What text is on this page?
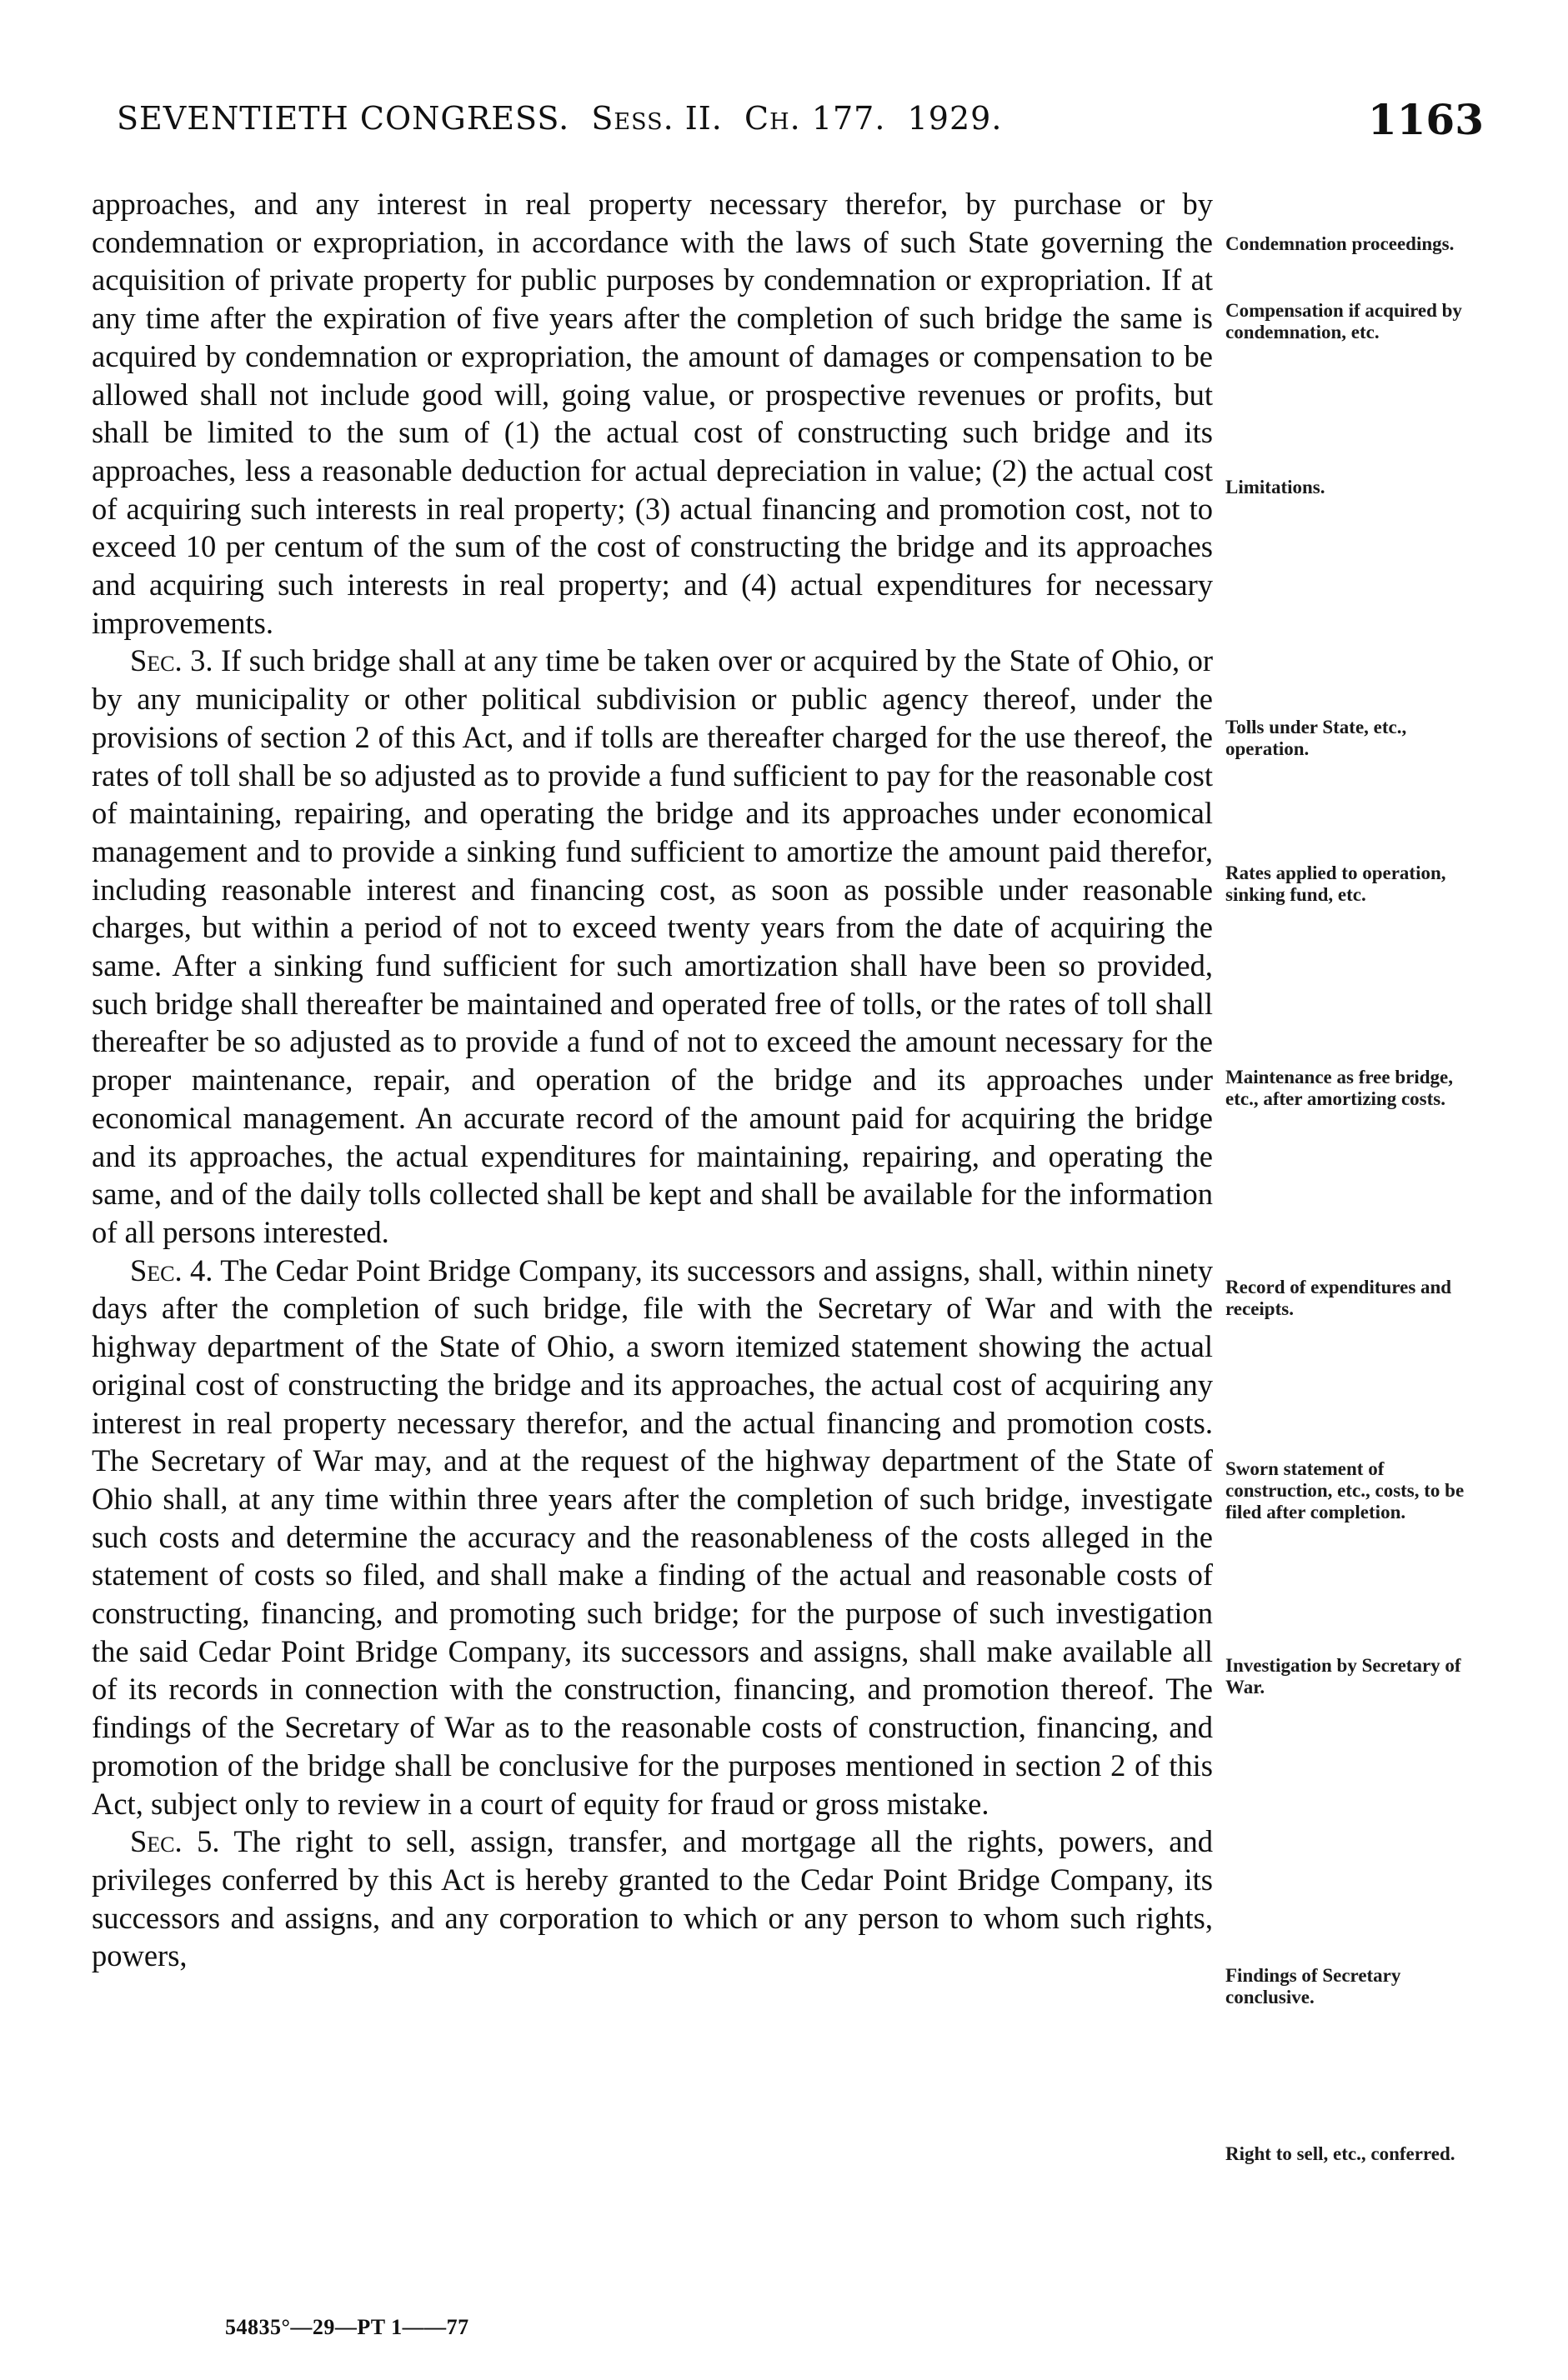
SEVENTIETH CONGRESS. Sess. II. Ch. 177. 1929.	1163

approaches, and any interest in real property necessary therefor, by purchase or by condemnation or expropriation, in accordance with the laws of such State governing the acquisition of private property for public purposes by condemnation or expropriation. If at any time after the expiration of five years after the completion of such bridge the same is acquired by condemnation or expropriation, the amount of damages or compensation to be allowed shall not include good will, going value, or prospective revenues or profits, but shall be limited to the sum of (1) the actual cost of constructing such bridge and its approaches, less a reasonable deduction for actual depreciation in value; (2) the actual cost of acquiring such interests in real property; (3) actual financing and promotion cost, not to exceed 10 per centum of the sum of the cost of constructing the bridge and its approaches and acquiring such interests in real property; and (4) actual expenditures for necessary improvements.

Sec. 3. If such bridge shall at any time be taken over or acquired by the State of Ohio, or by any municipality or other political subdivision or public agency thereof, under the provisions of section 2 of this Act, and if tolls are thereafter charged for the use thereof, the rates of toll shall be so adjusted as to provide a fund sufficient to pay for the reasonable cost of maintaining, repairing, and operating the bridge and its approaches under economical management and to provide a sinking fund sufficient to amortize the amount paid therefor, including reasonable interest and financing cost, as soon as possible under reasonable charges, but within a period of not to exceed twenty years from the date of acquiring the same. After a sinking fund sufficient for such amortization shall have been so provided, such bridge shall thereafter be maintained and operated free of tolls, or the rates of toll shall thereafter be so adjusted as to provide a fund of not to exceed the amount necessary for the proper maintenance, repair, and operation of the bridge and its approaches under economical management. An accurate record of the amount paid for acquiring the bridge and its approaches, the actual expenditures for maintaining, repairing, and operating the same, and of the daily tolls collected shall be kept and shall be available for the information of all persons interested.

Sec. 4. The Cedar Point Bridge Company, its successors and assigns, shall, within ninety days after the completion of such bridge, file with the Secretary of War and with the highway department of the State of Ohio, a sworn itemized statement showing the actual original cost of constructing the bridge and its approaches, the actual cost of acquiring any interest in real property necessary therefor, and the actual financing and promotion costs. The Secretary of War may, and at the request of the highway department of the State of Ohio shall, at any time within three years after the completion of such bridge, investigate such costs and determine the accuracy and the reasonableness of the costs alleged in the statement of costs so filed, and shall make a finding of the actual and reasonable costs of constructing, financing, and promoting such bridge; for the purpose of such investigation the said Cedar Point Bridge Company, its successors and assigns, shall make available all of its records in connection with the construction, financing, and promotion thereof. The findings of the Secretary of War as to the reasonable costs of construction, financing, and promotion of the bridge shall be conclusive for the purposes mentioned in section 2 of this Act, subject only to review in a court of equity for fraud or gross mistake.

Sec. 5. The right to sell, assign, transfer, and mortgage all the rights, powers, and privileges conferred by this Act is hereby granted to the Cedar Point Bridge Company, its successors and assigns, and any corporation to which or any person to whom such rights, powers,

Condemnation proceedings.
Compensation if acquired by condemnation, etc.
Limitations.
Tolls under State, etc., operation.
Rates applied to operation, sinking fund, etc.
Maintenance as free bridge, etc., after amortizing costs.
Record of expenditures and receipts.
Sworn statement of construction, etc., costs, to be filed after completion.
Investigation by Secretary of War.
Findings of Secretary conclusive.
Right to sell, etc., conferred.
54835°—29—PT 1——77
